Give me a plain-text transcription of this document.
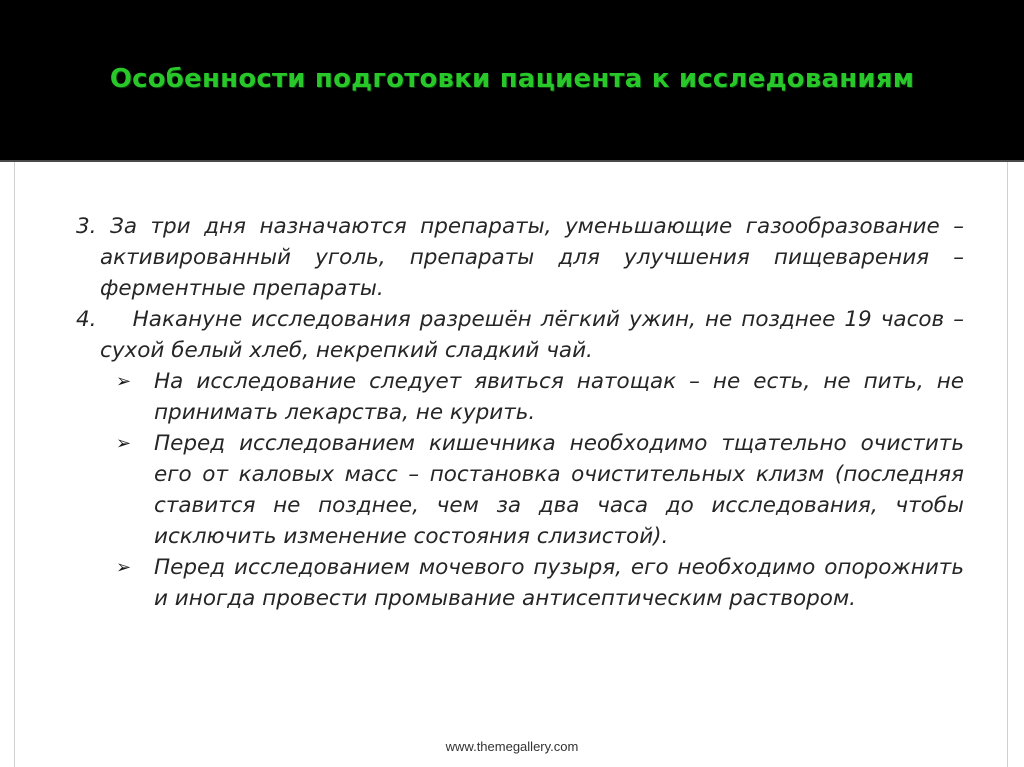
Особенности подготовки пациента к исследованиям

3. За три дня назначаются препараты, уменьшающие газообразование – активированный уголь, препараты для улучшения пищеварения – ферментные препараты.

4. Накануне исследования разрешён лёгкий ужин, не позднее 19 часов – сухой белый хлеб, некрепкий сладкий чай.

➢ На исследование следует явиться натощак – не есть, не пить, не принимать лекарства, не курить.

➢ Перед исследованием кишечника необходимо тщательно очистить его от каловых масс – постановка очистительных клизм (последняя ставится не позднее, чем за два часа до исследования, чтобы исключить изменение состояния слизистой).

➢ Перед исследованием мочевого пузыря, его необходимо опорожнить и иногда провести промывание антисептическим раствором.

www.themegallery.com
